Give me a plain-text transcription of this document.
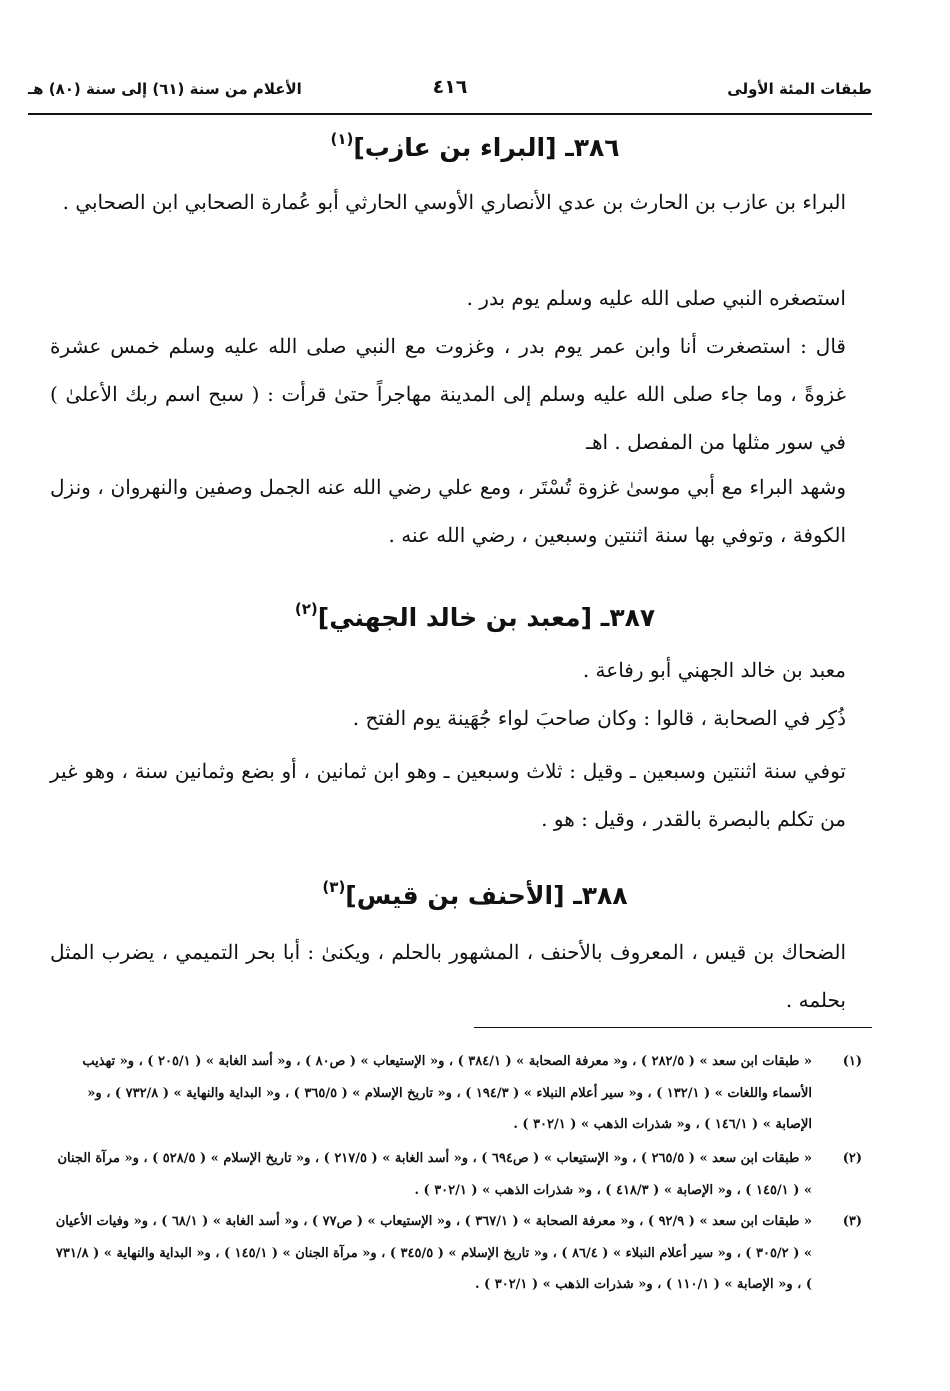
طبقات المئة الأولى
٤١٦
الأعلام من سنة (٦١) إلى سنة (٨٠) هـ
٣٨٦ـ [البراء بن عازب]$^{(١)}$

البراء بن عازب بن الحارث بن عدي الأنصاري الأوسي الحارثي أبو عُمارة الصحابي ابن الصحابي .

استصغره النبي صلى الله عليه وسلم يوم بدر .

قال : استصغرت أنا وابن عمر يوم بدر ، وغزوت مع النبي صلى الله عليه وسلم خمس عشرة غزوةً ، وما جاء صلى الله عليه وسلم إلى المدينة مهاجراً حتىٰ قرأت : ( سبح اسم ربك الأعلىٰ ) في سور مثلها من المفصل . اهـ

وشهد البراء مع أبي موسىٰ غزوة تُسْتَر ، ومع علي رضي الله عنه الجمل وصفين والنهروان ، ونزل الكوفة ، وتوفي بها سنة اثنتين وسبعين ، رضي الله عنه .

٣٨٧ـ [معبد بن خالد الجهني]$^{(٢)}$

معبد بن خالد الجهني أبو رفاعة .

ذُكِر في الصحابة ، قالوا : وكان صاحبَ لواء جُهَينة يوم الفتح .

توفي سنة اثنتين وسبعين ـ وقيل : ثلاث وسبعين ـ وهو ابن ثمانين ، أو بضع وثمانين سنة ، وهو غير من تكلم بالبصرة بالقدر ، وقيل : هو .

٣٨٨ـ [الأحنف بن قيس]$^{(٣)}$

الضحاك بن قيس ، المعروف بالأحنف ، المشهور بالحلم ، ويكنىٰ : أبا بحر التميمي ، يضرب المثل بحلمه .

(١)
« طبقات ابن سعد » ( ٢٨٢/٥ ) ، و« معرفة الصحابة » ( ٣٨٤/١ ) ، و« الإستيعاب » ( ص٨٠ ) ، و« أسد الغابة » ( ٢٠٥/١ ) ، و« تهذيب الأسماء واللغات » ( ١٣٢/١ ) ، و« سير أعلام النبلاء » ( ١٩٤/٣ ) ، و« تاريخ الإسلام » ( ٣٦٥/٥ ) ، و« البداية والنهاية » ( ٧٣٢/٨ ) ، و« الإصابة » ( ١٤٦/١ ) ، و« شذرات الذهب » ( ٣٠٢/١ ) .
(٢)
« طبقات ابن سعد » ( ٢٦٥/٥ ) ، و« الإستيعاب » ( ص٦٩٤ ) ، و« أسد الغابة » ( ٢١٧/٥ ) ، و« تاريخ الإسلام » ( ٥٢٨/٥ ) ، و« مرآة الجنان » ( ١٤٥/١ ) ، و« الإصابة » ( ٤١٨/٣ ) ، و« شذرات الذهب » ( ٣٠٢/١ ) .
(٣)
« طبقات ابن سعد » ( ٩٢/٩ ) ، و« معرفة الصحابة » ( ٣٦٧/١ ) ، و« الإستيعاب » ( ص٧٧ ) ، و« أسد الغابة » ( ٦٨/١ ) ، و« وفيات الأعيان » ( ٣٠٥/٢ ) ، و« سير أعلام النبلاء » ( ٨٦/٤ ) ، و« تاريخ الإسلام » ( ٣٤٥/٥ ) ، و« مرآة الجنان » ( ١٤٥/١ ) ، و« البداية والنهاية » ( ٧٣١/٨ ) ، و« الإصابة » ( ١١٠/١ ) ، و« شذرات الذهب » ( ٣٠٢/١ ) .
